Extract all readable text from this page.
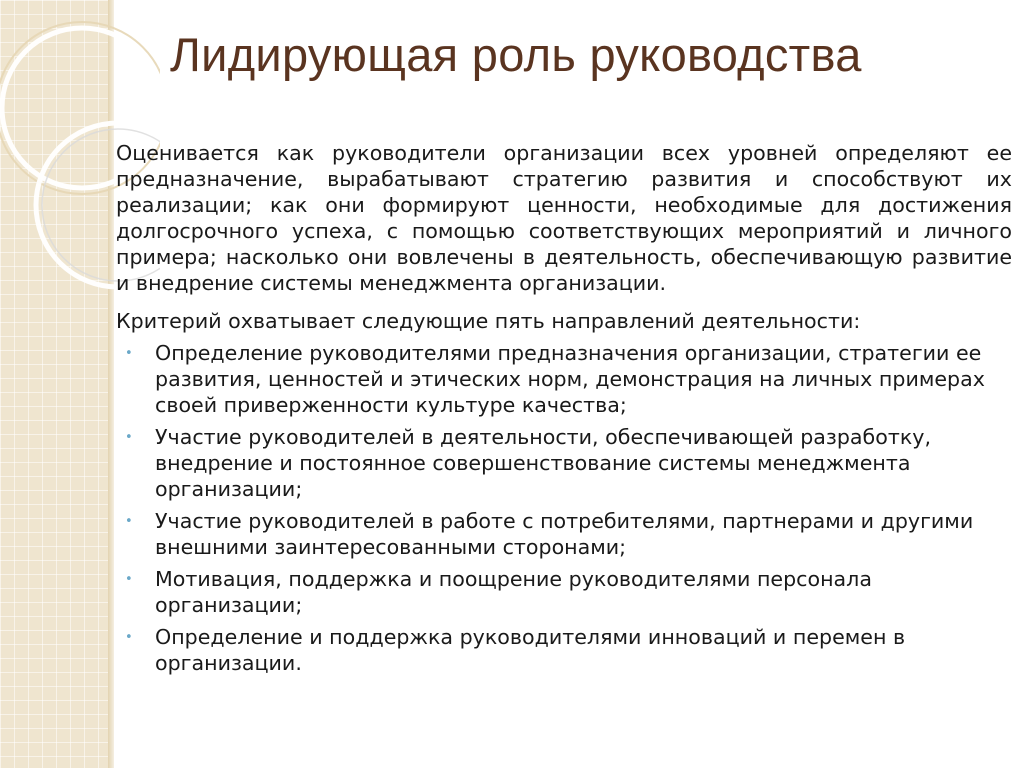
Лидирующая роль руководства

Оценивается как руководители организации всех уровней определяют ее предназначение, вырабатывают стратегию развития и способствуют их реализации; как они формируют ценности, необходимые для достижения долгосрочного успеха, с помощью соответствующих мероприятий и личного примера; насколько они вовлечены в деятельность, обеспечивающую развитие и внедрение системы менеджмента организации.

Критерий охватывает следующие пять направлений деятельности:

• Определение руководителями предназначения организации, стратегии ее развития, ценностей и этических норм, демонстрация на личных примерах своей приверженности культуре качества;
• Участие руководителей в деятельности, обеспечивающей разработку, внедрение и постоянное совершенствование системы менеджмента организации;
• Участие руководителей в работе с потребителями, партнерами и другими внешними заинтересованными сторонами;
• Мотивация, поддержка и поощрение руководителями персонала организации;
• Определение и поддержка руководителями инноваций и перемен в организации.
